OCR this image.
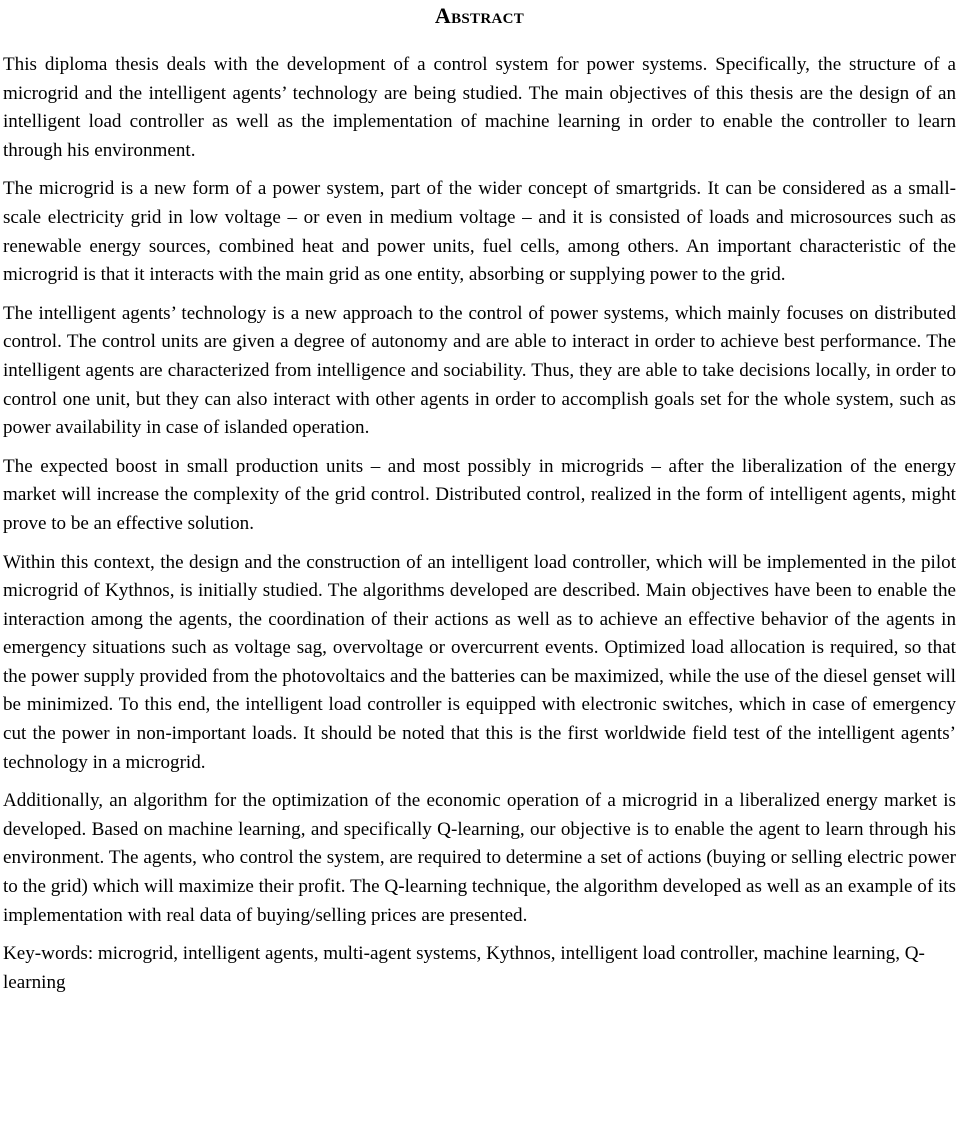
Abstract

This diploma thesis deals with the development of a control system for power systems. Specifically, the structure of a microgrid and the intelligent agents’ technology are being studied. The main objectives of this thesis are the design of an intelligent load controller as well as the implementation of machine learning in order to enable the controller to learn through his environment.

The microgrid is a new form of a power system, part of the wider concept of smartgrids. It can be considered as a small-scale electricity grid in low voltage – or even in medium voltage – and it is consisted of loads and microsources such as renewable energy sources, combined heat and power units, fuel cells, among others. An important characteristic of the microgrid is that it interacts with the main grid as one entity, absorbing or supplying power to the grid.

The intelligent agents’ technology is a new approach to the control of power systems, which mainly focuses on distributed control. The control units are given a degree of autonomy and are able to interact in order to achieve best performance. The intelligent agents are characterized from intelligence and sociability. Thus, they are able to take decisions locally, in order to control one unit, but they can also interact with other agents in order to accomplish goals set for the whole system, such as power availability in case of islanded operation.

The expected boost in small production units – and most possibly in microgrids – after the liberalization of the energy market will increase the complexity of the grid control. Distributed control, realized in the form of intelligent agents, might prove to be an effective solution.

Within this context, the design and the construction of an intelligent load controller, which will be implemented in the pilot microgrid of Kythnos, is initially studied. The algorithms developed are described. Main objectives have been to enable the interaction among the agents, the coordination of their actions as well as to achieve an effective behavior of the agents in emergency situations such as voltage sag, overvoltage or overcurrent events. Optimized load allocation is required, so that the power supply provided from the photovoltaics and the batteries can be maximized, while the use of the diesel genset will be minimized. To this end, the intelligent load controller is equipped with electronic switches, which in case of emergency cut the power in non-important loads. It should be noted that this is the first worldwide field test of the intelligent agents’ technology in a microgrid.

Additionally, an algorithm for the optimization of the economic operation of a microgrid in a liberalized energy market is developed. Based on machine learning, and specifically Q-learning, our objective is to enable the agent to learn through his environment. The agents, who control the system, are required to determine a set of actions (buying or selling electric power to the grid) which will maximize their profit. The Q-learning technique, the algorithm developed as well as an example of its implementation with real data of buying/selling prices are presented.

Key-words: microgrid, intelligent agents, multi-agent systems, Kythnos, intelligent load controller, machine learning, Q-learning
